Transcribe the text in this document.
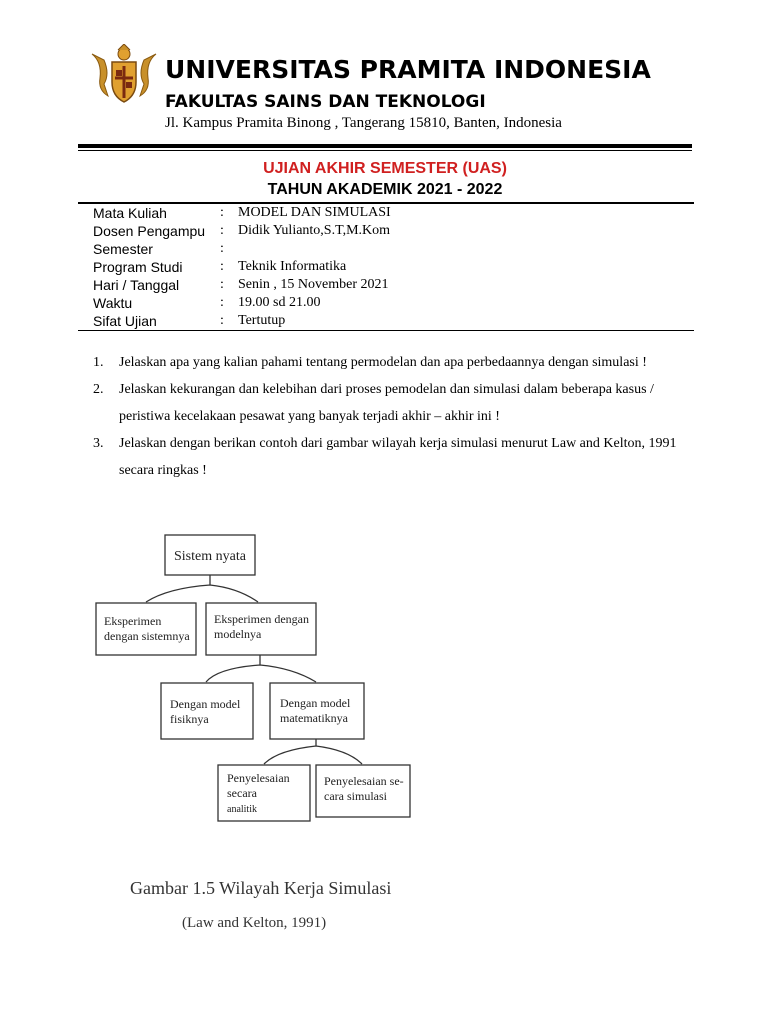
UNIVERSITAS PRAMITA INDONESIA
FAKULTAS SAINS DAN TEKNOLOGI
Jl. Kampus Pramita Binong , Tangerang 15810, Banten, Indonesia
UJIAN AKHIR SEMESTER (UAS)
TAHUN AKADEMIK 2021 - 2022
Mata Kuliah	: MODEL DAN SIMULASI
Dosen Pengampu : Didik Yulianto,S.T,M.Kom
Semester	:
Program Studi	: Teknik Informatika
Hari / Tanggal	: Senin , 15 November 2021
Waktu	: 19.00 sd 21.00
Sifat Ujian	: Tertutup
1. Jelaskan apa yang kalian pahami tentang permodelan dan apa perbedaannya dengan simulasi !
2. Jelaskan kekurangan dan kelebihan dari proses pemodelan dan simulasi dalam beberapa kasus / peristiwa kecelakaan pesawat yang banyak terjadi akhir – akhir ini !
3. Jelaskan dengan berikan contoh dari gambar wilayah kerja simulasi menurut Law and Kelton, 1991 secara ringkas !
Sistem nyata
Eksperimen
dengan sistemnya
Eksperimen dengan
modelnya
Dengan model
fisiknya
Dengan model
matematiknya
Penyelesaian
secara
analitik
Penyelesaian se-
cara simulasi
Gambar 1.5 Wilayah Kerja Simulasi
(Law and Kelton, 1991)
